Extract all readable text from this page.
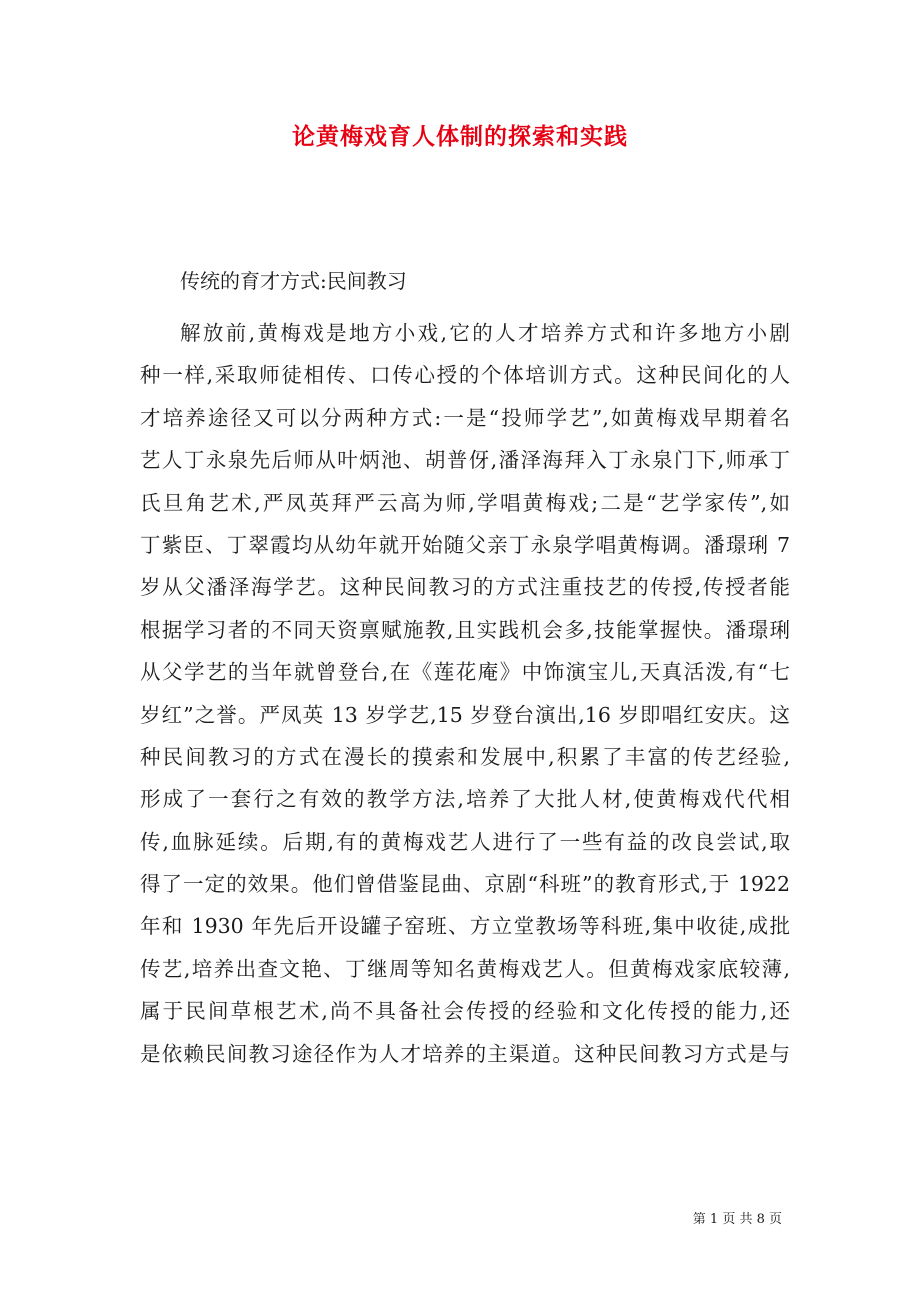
论黄梅戏育人体制的探索和实践
传统的育才方式:民间教习
解放前,黄梅戏是地方小戏,它的人才培养方式和许多地方小剧
种一样,采取师徒相传、口传心授的个体培训方式。这种民间化的人
才培养途径又可以分两种方式:一是“投师学艺”,如黄梅戏早期着名
艺人丁永泉先后师从叶炳池、胡普伢,潘泽海拜入丁永泉门下,师承丁
氏旦角艺术,严凤英拜严云高为师,学唱黄梅戏;二是“艺学家传”,如
丁紫臣、丁翠霞均从幼年就开始随父亲丁永泉学唱黄梅调。潘璟琍 7
岁从父潘泽海学艺。这种民间教习的方式注重技艺的传授,传授者能
根据学习者的不同天资禀赋施教,且实践机会多,技能掌握快。潘璟琍
从父学艺的当年就曾登台,在《莲花庵》中饰演宝儿,天真活泼,有“七
岁红”之誉。严凤英 13 岁学艺,15 岁登台演出,16 岁即唱红安庆。这
种民间教习的方式在漫长的摸索和发展中,积累了丰富的传艺经验,
形成了一套行之有效的教学方法,培养了大批人材,使黄梅戏代代相
传,血脉延续。后期,有的黄梅戏艺人进行了一些有益的改良尝试,取
得了一定的效果。他们曾借鉴昆曲、京剧“科班”的教育形式,于 1922
年和 1930 年先后开设罐子窑班、方立堂教场等科班,集中收徒,成批
传艺,培养出查文艳、丁继周等知名黄梅戏艺人。但黄梅戏家底较薄,
属于民间草根艺术,尚不具备社会传授的经验和文化传授的能力,还
是依赖民间教习途径作为人才培养的主渠道。这种民间教习方式是与
第 1 页 共 8 页
